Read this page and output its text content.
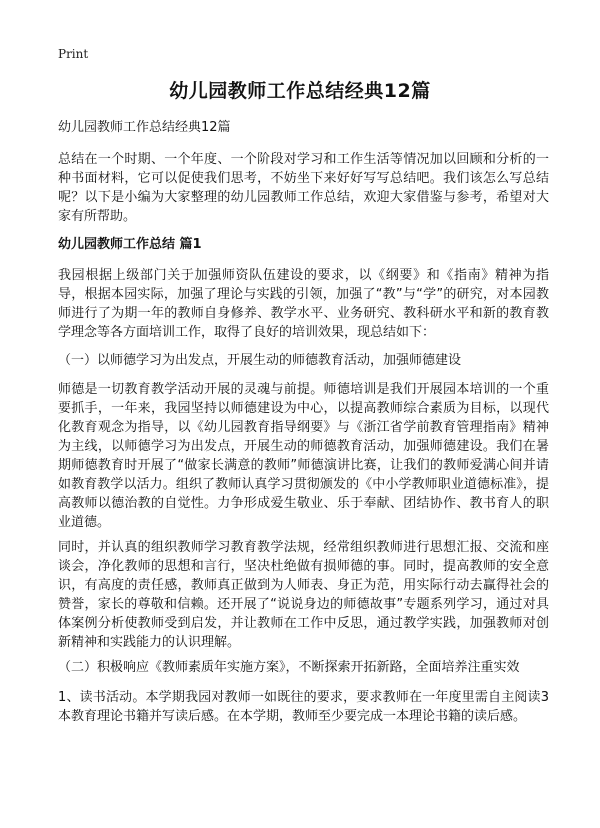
Print
幼儿园教师工作总结经典12篇
幼儿园教师工作总结经典12篇

总结在一个时期、一个年度、一个阶段对学习和工作生活等情况加以回顾和分析的一种书面材料，它可以促使我们思考，不妨坐下来好好写写总结吧。我们该怎么写总结呢？以下是小编为大家整理的幼儿园教师工作总结，欢迎大家借鉴与参考，希望对大家有所帮助。

幼儿园教师工作总结 篇1

我园根据上级部门关于加强师资队伍建设的要求，以《纲要》和《指南》精神为指导，根据本园实际，加强了理论与实践的引领，加强了“教”与“学”的研究，对本园教师进行了为期一年的教师自身修养、教学水平、业务研究、教科研水平和新的教育教学理念等各方面培训工作，取得了良好的培训效果，现总结如下：

（一）以师德学习为出发点，开展生动的师德教育活动，加强师德建设

师德是一切教育教学活动开展的灵魂与前提。师德培训是我们开展园本培训的一个重要抓手，一年来，我园坚持以师德建设为中心，以提高教师综合素质为目标，以现代化教育观念为指导，以《幼儿园教育指导纲要》与《浙江省学前教育管理指南》精神为主线，以师德学习为出发点，开展生动的师德教育活动，加强师德建设。我们在暑期师德教育时开展了“做家长满意的教师”师德演讲比赛，让我们的教师爱满心间并请如教育教学以活力。组织了教师认真学习贯彻颁发的《中小学教师职业道德标准》，提高教师以德治教的自觉性。力争形成爱生敬业、乐于奉献、团结协作、教书育人的职业道德。

同时，并认真的组织教师学习教育教学法规，经常组织教师进行思想汇报、交流和座谈会，净化教师的思想和言行，坚决杜绝做有损师德的事。同时，提高教师的安全意识，有高度的责任感，教师真正做到为人师表、身正为范，用实际行动去赢得社会的赞誉，家长的尊敬和信赖。还开展了“说说身边的师德故事”专题系列学习，通过对具体案例分析使教师受到启发，并让教师在工作中反思，通过教学实践，加强教师对创新精神和实践能力的认识理解。

（二）积极响应《教师素质年实施方案》，不断探索开拓新路，全面培养注重实效

1、读书活动。本学期我园对教师一如既往的要求，要求教师在一年度里需自主阅读3本教育理论书籍并写读后感。在本学期，教师至少要完成一本理论书籍的读后感。
